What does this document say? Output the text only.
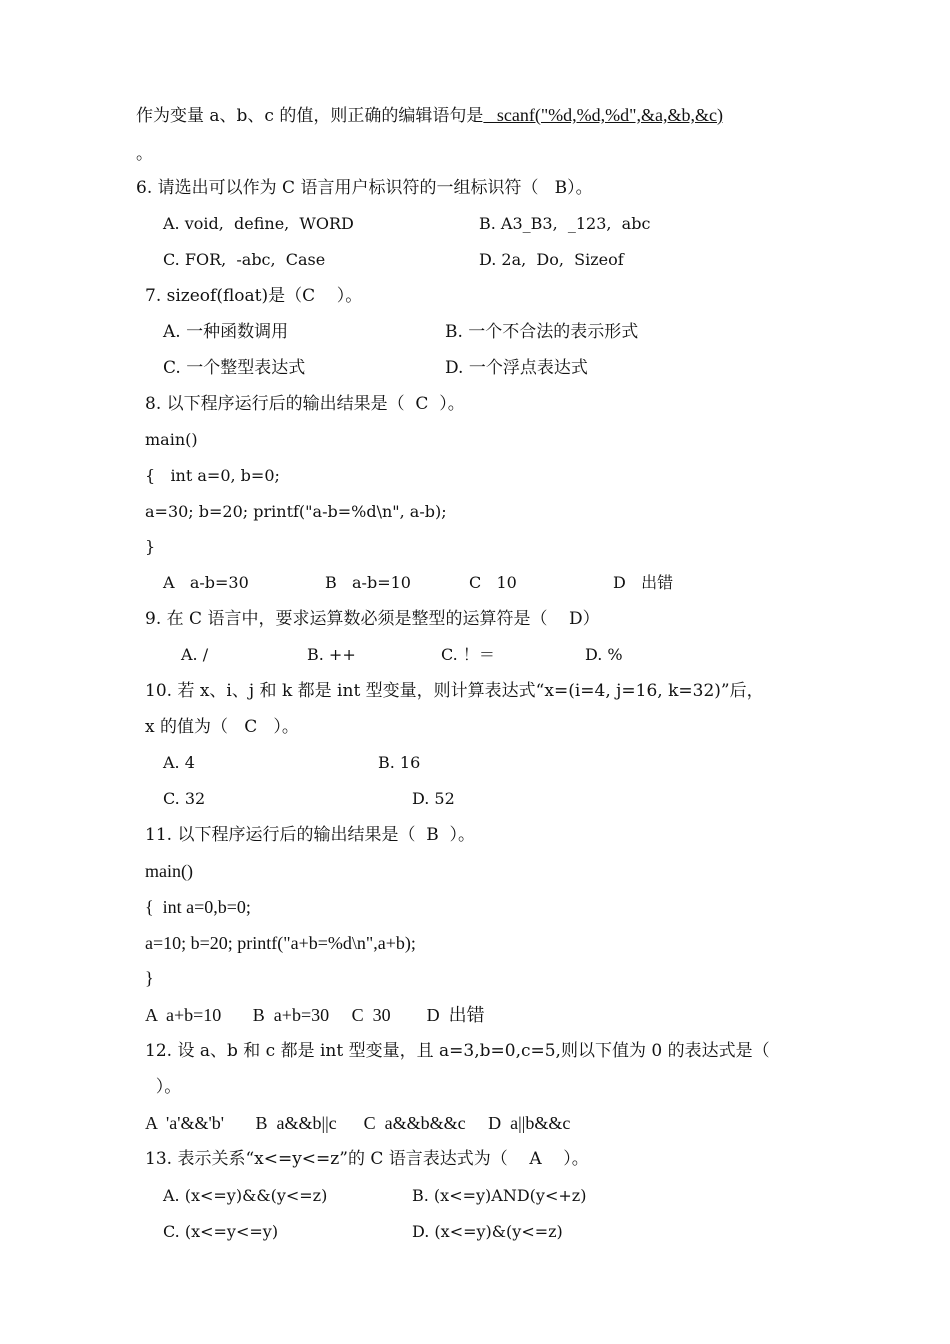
作为变量 a、b、c 的值，则正确的编辑语句是   scanf("%d,%d,%d",&a,&b,&c)
。
6. 请选出可以作为 C 语言用户标识符的一组标识符（   B）。
A. void,  define,  WORD	B. A3_B3,  _123,  abc
C. FOR,  -abc,  Case	D. 2a,  Do,  Sizeof
7. sizeof(float)是（C    ）。
A. 一种函数调用	B. 一个不合法的表示形式
C. 一个整型表达式	D. 一个浮点表达式
8. 以下程序运行后的输出结果是（  C  ）。
main()
{   int a=0, b=0;
a=30; b=20; printf("a-b=%d\n", a-b);
}
A   a-b=30	B   a-b=10	C   10	D   出错
9. 在 C 语言中，要求运算数必须是整型的运算符是（    D）
A. /	B. ++	C. ！＝	D. %
10. 若 x、i、j 和 k 都是 int 型变量，则计算表达式“x=(i=4, j=16, k=32)”后，
x 的值为（   C   ）。
A. 4	B. 16
C. 32	D. 52
11. 以下程序运行后的输出结果是（  B  ）。
main()
{  int a=0,b=0;
a=10; b=20; printf("a+b=%d\n",a+b);
}
A  a+b=10       B  a+b=30     C  30        D  出错
12. 设 a、b 和 c 都是 int 型变量，且 a=3,b=0,c=5,则以下值为 0 的表达式是（
）。
A  'a'&&'b'       B  a&&b||c      C  a&&b&&c     D  a||b&&c
13. 表示关系“x<=y<=z”的 C 语言表达式为（    A    ）。
A. (x<=y)&&(y<=z)	B. (x<=y)AND(y<+z)
C. (x<=y<=y)	D. (x<=y)&(y<=z)
